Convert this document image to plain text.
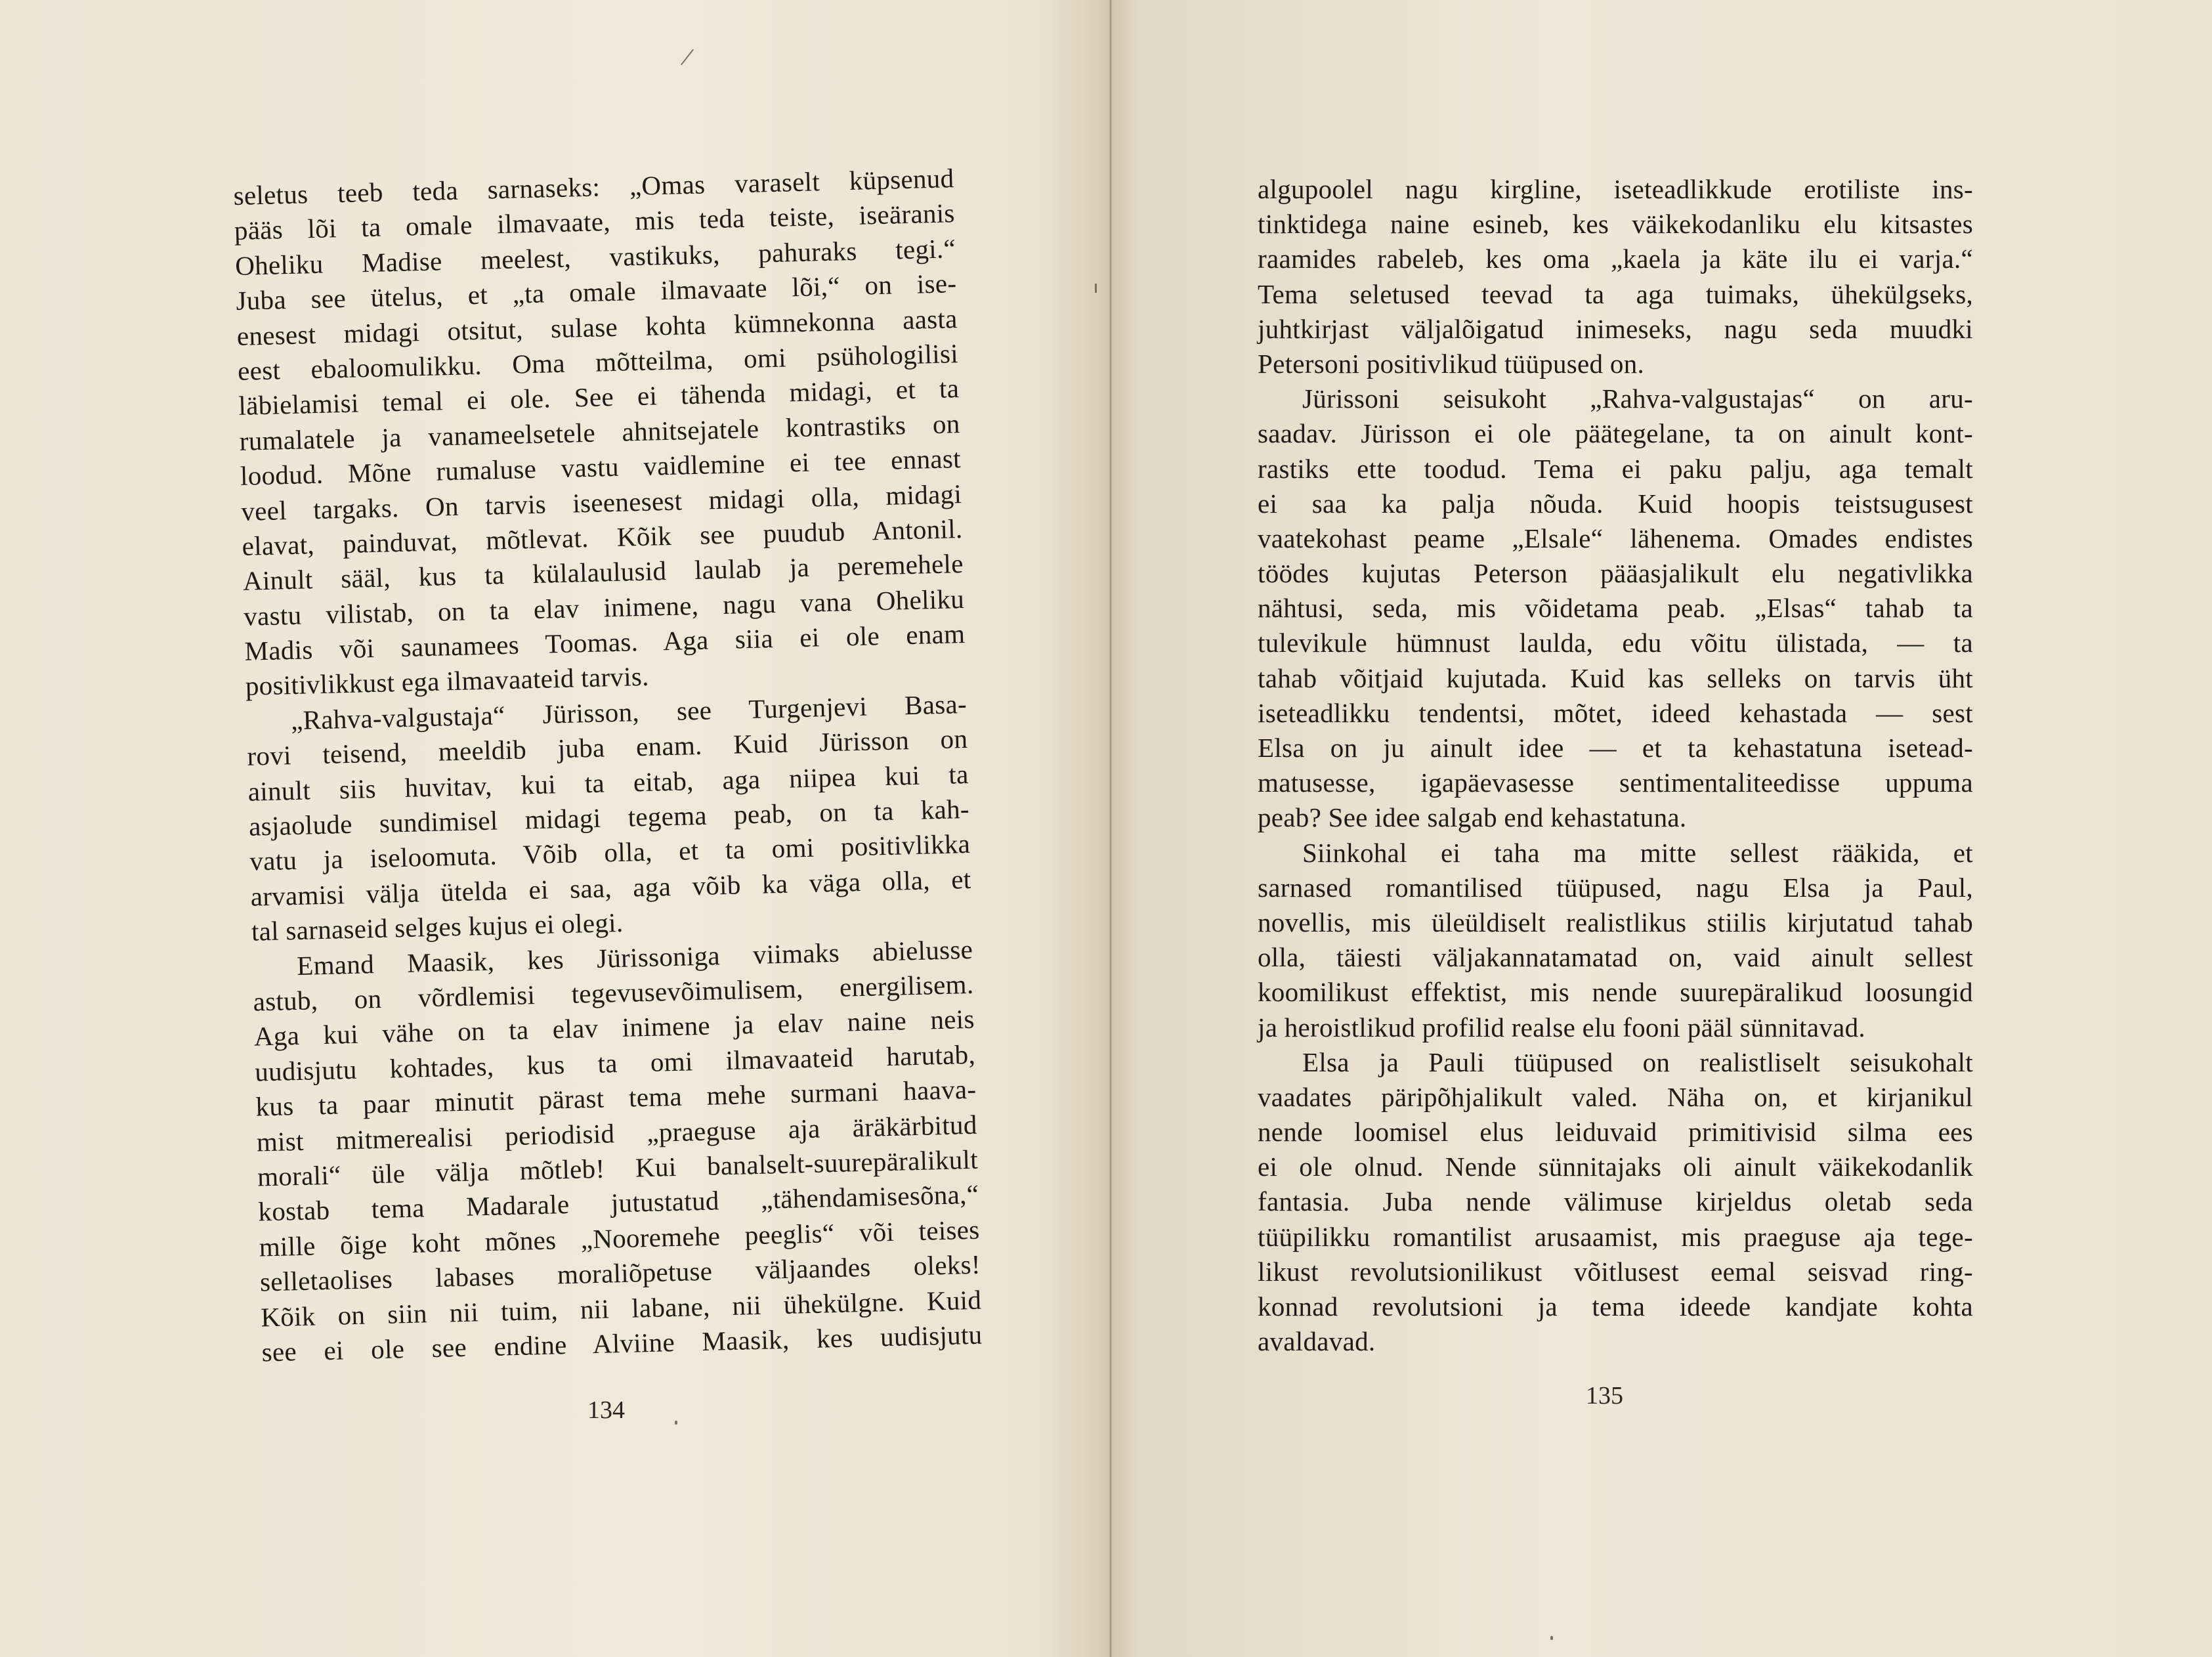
seletus teeb teda sarnaseks: „Omas varaselt küpsenud
pääs lõi ta omale ilmavaate, mis teda teiste, iseäranis
Oheliku Madise meelest, vastikuks, pahuraks tegi.“
Juba see ütelus, et „ta omale ilmavaate lõi,“ on ise-
enesest midagi otsitut, sulase kohta kümnekonna aasta
eest ebaloomulikku. Oma mõtteilma, omi psühologilisi
läbielamisi temal ei ole. See ei tähenda midagi, et ta
rumalatele ja vanameelsetele ahnitsejatele kontrastiks on
loodud. Mõne rumaluse vastu vaidlemine ei tee ennast
veel targaks. On tarvis iseenesest midagi olla, midagi
elavat, painduvat, mõtlevat. Kõik see puudub Antonil.
Ainult sääl, kus ta külalaulusid laulab ja peremehele
vastu vilistab, on ta elav inimene, nagu vana Oheliku
Madis või saunamees Toomas. Aga siia ei ole enam
positivlikkust ega ilmavaateid tarvis.
„Rahva-valgustaja“ Jürisson, see Turgenjevi Basa-
rovi teisend, meeldib juba enam. Kuid Jürisson on
ainult siis huvitav, kui ta eitab, aga niipea kui ta
asjaolude sundimisel midagi tegema peab, on ta kah-
vatu ja iseloomuta. Võib olla, et ta omi positivlikka
arvamisi välja ütelda ei saa, aga võib ka väga olla, et
tal sarnaseid selges kujus ei olegi.
Emand Maasik, kes Jürissoniga viimaks abielusse
astub, on võrdlemisi tegevusevõimulisem, energilisem.
Aga kui vähe on ta elav inimene ja elav naine neis
uudisjutu kohtades, kus ta omi ilmavaateid harutab,
kus ta paar minutit pärast tema mehe surmani haava-
mist mitmerealisi periodisid „praeguse aja äräkärbitud
morali“ üle välja mõtleb! Kui banalselt-suurepäralikult
kostab tema Madarale jutustatud „tähendamisesõna,“
mille õige koht mõnes „Nooremehe peeglis“ või teises
selletaolises labases moraliõpetuse väljaandes oleks!
Kõik on siin nii tuim, nii labane, nii ühekülgne. Kuid
see ei ole see endine Alviine Maasik, kes uudisjutu
134
algupoolel nagu kirgline, iseteadlikkude erotiliste ins-
tinktidega naine esineb, kes väikekodanliku elu kitsastes
raamides rabeleb, kes oma „kaela ja käte ilu ei varja.“
Tema seletused teevad ta aga tuimaks, ühekülgseks,
juhtkirjast väljalõigatud inimeseks, nagu seda muudki
Petersoni positivlikud tüüpused on.
Jürissoni seisukoht „Rahva-valgustajas“ on aru-
saadav. Jürisson ei ole päätegelane, ta on ainult kont-
rastiks ette toodud. Tema ei paku palju, aga temalt
ei saa ka palja nõuda. Kuid hoopis teistsugusest
vaatekohast peame „Elsale“ lähenema. Omades endistes
töödes kujutas Peterson pääasjalikult elu negativlikka
nähtusi, seda, mis võidetama peab. „Elsas“ tahab ta
tulevikule hümnust laulda, edu võitu ülistada, — ta
tahab võitjaid kujutada. Kuid kas selleks on tarvis üht
iseteadlikku tendentsi, mõtet, ideed kehastada — sest
Elsa on ju ainult idee — et ta kehastatuna isetead-
matusesse, igapäevasesse sentimentaliteedisse uppuma
peab? See idee salgab end kehastatuna.
Siinkohal ei taha ma mitte sellest rääkida, et
sarnased romantilised tüüpused, nagu Elsa ja Paul,
novellis, mis üleüldiselt realistlikus stiilis kirjutatud tahab
olla, täiesti väljakannatamatad on, vaid ainult sellest
koomilikust effektist, mis nende suurepäralikud loosungid
ja heroistlikud profilid realse elu fooni pääl sünnitavad.
Elsa ja Pauli tüüpused on realistliselt seisukohalt
vaadates päripõhjalikult valed. Näha on, et kirjanikul
nende loomisel elus leiduvaid primitivisid silma ees
ei ole olnud. Nende sünnitajaks oli ainult väikekodanlik
fantasia. Juba nende välimuse kirjeldus oletab seda
tüüpilikku romantilist arusaamist, mis praeguse aja tege-
likust revolutsionilikust võitlusest eemal seisvad ring-
konnad revolutsioni ja tema ideede kandjate kohta
avaldavad.
135
